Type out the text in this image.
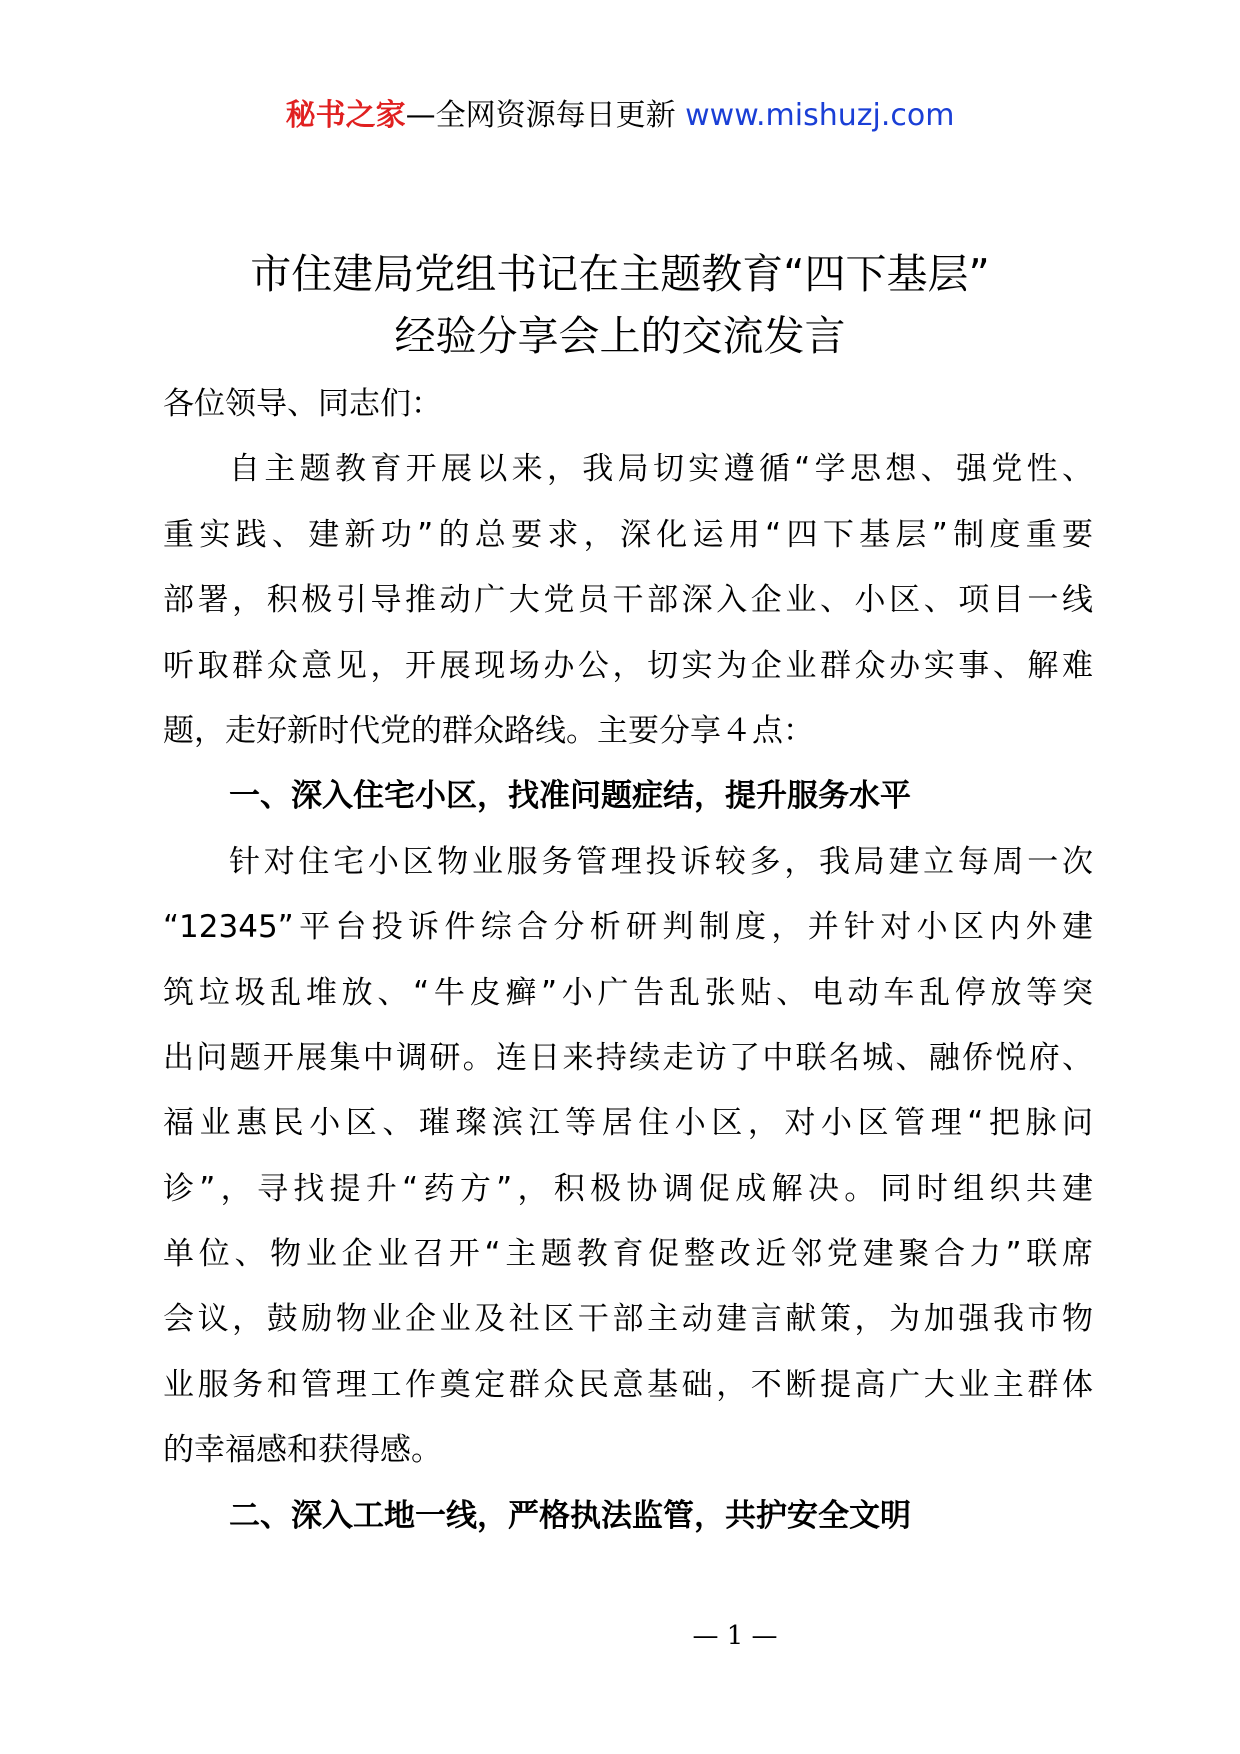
秘书之家—全网资源每日更新 www.mishuzj.com
市住建局党组书记在主题教育“四下基层”
经验分享会上的交流发言
各位领导、同志们：
自主题教育开展以来，我局切实遵循“学思想、强党性、
重实践、建新功”的总要求，深化运用“四下基层”制度重要
部署，积极引导推动广大党员干部深入企业、小区、项目一线
听取群众意见，开展现场办公，切实为企业群众办实事、解难
题，走好新时代党的群众路线。主要分享４点：
一、深入住宅小区，找准问题症结，提升服务水平
针对住宅小区物业服务管理投诉较多，我局建立每周一次
“12345”平台投诉件综合分析研判制度，并针对小区内外建
筑垃圾乱堆放、“牛皮癣”小广告乱张贴、电动车乱停放等突
出问题开展集中调研。连日来持续走访了中联名城、融侨悦府、
福业惠民小区、璀璨滨江等居住小区，对小区管理“把脉问
诊”，寻找提升“药方”，积极协调促成解决。同时组织共建
单位、物业企业召开“主题教育促整改近邻党建聚合力”联席
会议，鼓励物业企业及社区干部主动建言献策，为加强我市物
业服务和管理工作奠定群众民意基础，不断提高广大业主群体
的幸福感和获得感。
二、深入工地一线，严格执法监管，共护安全文明
— 1 —
